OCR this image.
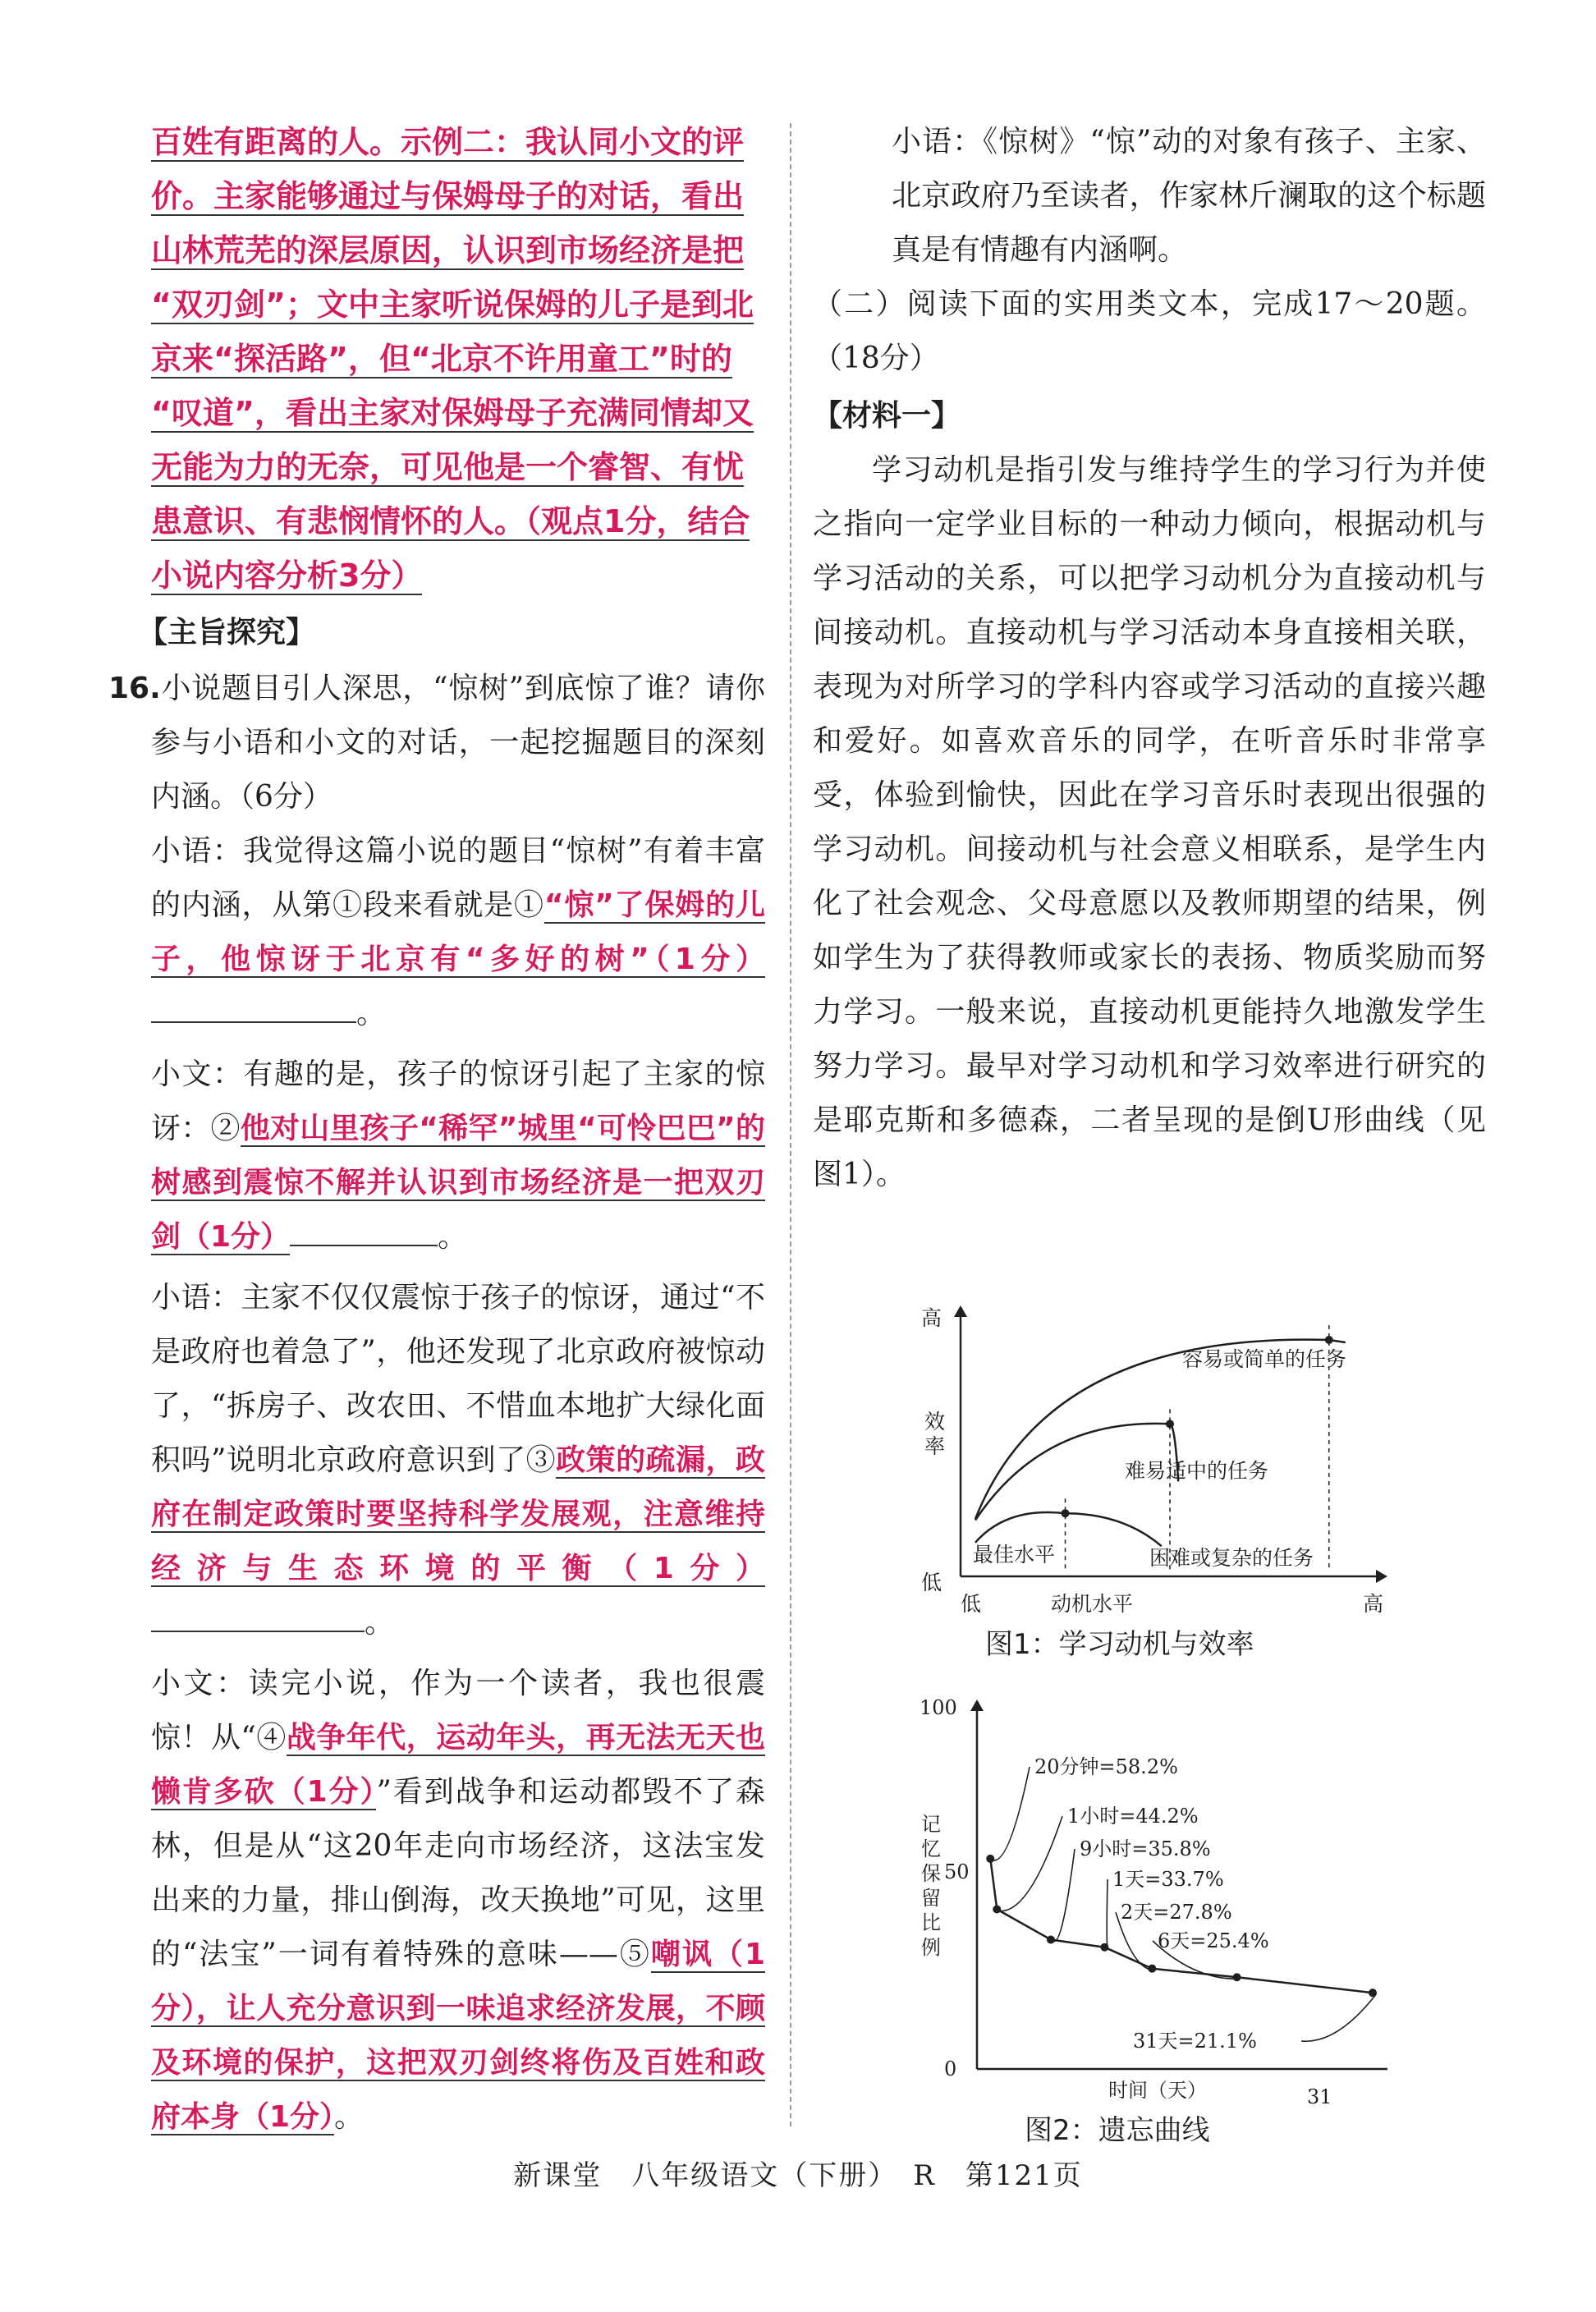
百姓有距离的人。示例二：我认同小文的评
价。主家能够通过与保姆母子的对话，看出
山林荒芜的深层原因，认识到市场经济是把
“双刃剑”；文中主家听说保姆的儿子是到北
京来“探活路”，但“北京不许用童工”时的
“叹道”，看出主家对保姆母子充满同情却又
无能为力的无奈，可见他是一个睿智、有忧
患意识、有悲悯情怀的人。（观点1分，结合
小说内容分析3分）
【主旨探究】

16.小说题目引人深思，“惊树”到底惊了谁？请你参与小语和小文的对话，一起挖掘题目的深刻内涵。（6分）

小语：我觉得这篇小说的题目“惊树”有着丰富的内涵，从第①段来看就是①“惊”了保姆的儿子，他惊讶于北京有“多好的树”（1分）。

小文：有趣的是，孩子的惊讶引起了主家的惊讶：②他对山里孩子“稀罕”城里“可怜巴巴”的树感到震惊不解并认识到市场经济是一把双刃剑（1分）	。

小语：主家不仅仅震惊于孩子的惊讶，通过“不是政府也着急了”，他还发现了北京政府被惊动了，“拆房子、改农田、不惜血本地扩大绿化面积吗”说明北京政府意识到了③政策的疏漏，政府在制定政策时要坚持科学发展观，注意维持经济与生态环境的平衡（1分）。

小文：读完小说，作为一个读者，我也很震惊！从“④战争年代，运动年头，再无法无天也懒肯多砍（1分）”看到战争和运动都毁不了森林，但是从“这20年走向市场经济，这法宝发出来的力量，排山倒海，改天换地”可见，这里的“法宝”一词有着特殊的意味——⑤嘲讽（1分），让人充分意识到一味追求经济发展，不顾及环境的保护，这把双刃剑终将伤及百姓和政府本身（1分）。

小语：《惊树》“惊”动的对象有孩子、主家、北京政府乃至读者，作家林斤澜取的这个标题真是有情趣有内涵啊。

（二）阅读下面的实用类文本，完成17～20题。（18分）

【材料一】

学习动机是指引发与维持学生的学习行为并使之指向一定学业目标的一种动力倾向，根据动机与学习活动的关系，可以把学习动机分为直接动机与间接动机。直接动机与学习活动本身直接相关联，表现为对所学习的学科内容或学习活动的直接兴趣和爱好。如喜欢音乐的同学，在听音乐时非常享受，体验到愉快，因此在学习音乐时表现出很强的学习动机。间接动机与社会意义相联系，是学生内化了社会观念、父母意愿以及教师期望的结果，例如学生为了获得教师或家长的表扬、物质奖励而努力学习。一般来说，直接动机更能持久地激发学生努力学习。最早对学习动机和学习效率进行研究的是耶克斯和多德森，二者呈现的是倒U形曲线（见图1）。

高
低
低	高
动机水平
效率
容易或简单的任务
难易适中的任务
困难或复杂的任务
最佳水平
图1：学习动机与效率
100
50
0
31
时间（天）
记忆保留比例
20分钟=58.2%
1小时=44.2%
9小时=35.8%
1天=33.7%
2天=27.8%
6天=25.4%
31天=21.1%
图2：遗忘曲线
新课堂　八年级语文（下册）　R　第121页
